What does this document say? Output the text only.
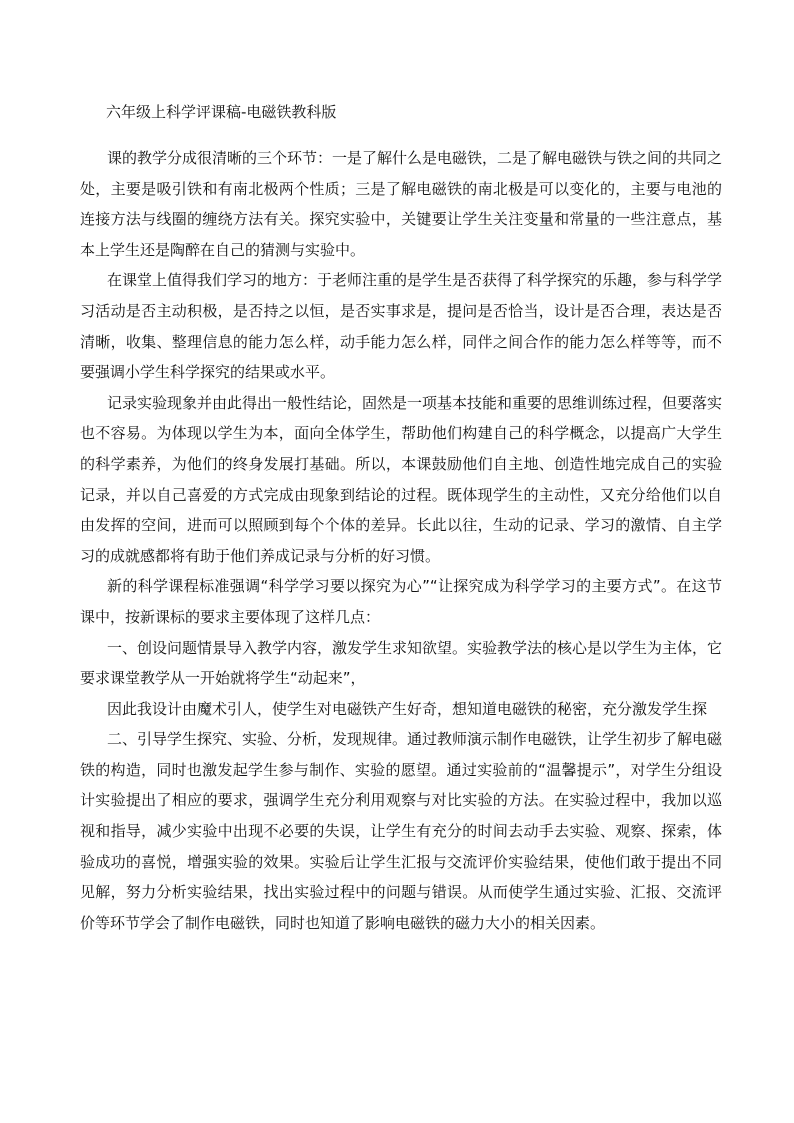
六年级上科学评课稿-电磁铁教科版

课的教学分成很清晰的三个环节：一是了解什么是电磁铁，二是了解电磁铁与铁之间的共同之处，主要是吸引铁和有南北极两个性质；三是了解电磁铁的南北极是可以变化的，主要与电池的连接方法与线圈的缠绕方法有关。探究实验中，关键要让学生关注变量和常量的一些注意点，基本上学生还是陶醉在自己的猜测与实验中。

在课堂上值得我们学习的地方：于老师注重的是学生是否获得了科学探究的乐趣，参与科学学习活动是否主动积极，是否持之以恒，是否实事求是，提问是否恰当，设计是否合理，表达是否清晰，收集、整理信息的能力怎么样，动手能力怎么样，同伴之间合作的能力怎么样等等，而不要强调小学生科学探究的结果或水平。

记录实验现象并由此得出一般性结论，固然是一项基本技能和重要的思维训练过程，但要落实也不容易。为体现以学生为本，面向全体学生，帮助他们构建自己的科学概念，以提高广大学生的科学素养，为他们的终身发展打基础。所以，本课鼓励他们自主地、创造性地完成自己的实验记录，并以自己喜爱的方式完成由现象到结论的过程。既体现学生的主动性，又充分给他们以自由发挥的空间，进而可以照顾到每个个体的差异。长此以往，生动的记录、学习的激情、自主学习的成就感都将有助于他们养成记录与分析的好习惯。

新的科学课程标准强调“科学学习要以探究为心”“让探究成为科学学习的主要方式”。在这节课中，按新课标的要求主要体现了这样几点：

一、创设问题情景导入教学内容，激发学生求知欲望。实验教学法的核心是以学生为主体，它要求课堂教学从一开始就将学生“动起来”，

因此我设计由魔术引人，使学生对电磁铁产生好奇，想知道电磁铁的秘密，充分激发学生探

二、引导学生探究、实验、分析，发现规律。通过教师演示制作电磁铁，让学生初步了解电磁铁的构造，同时也激发起学生参与制作、实验的愿望。通过实验前的“温馨提示”，对学生分组设计实验提出了相应的要求，强调学生充分利用观察与对比实验的方法。在实验过程中，我加以巡视和指导，减少实验中出现不必要的失误，让学生有充分的时间去动手去实验、观察、探索，体验成功的喜悦，增强实验的效果。实验后让学生汇报与交流评价实验结果，使他们敢于提出不同见解，努力分析实验结果，找出实验过程中的问题与错误。从而使学生通过实验、汇报、交流评价等环节学会了制作电磁铁，同时也知道了影响电磁铁的磁力大小的相关因素。
